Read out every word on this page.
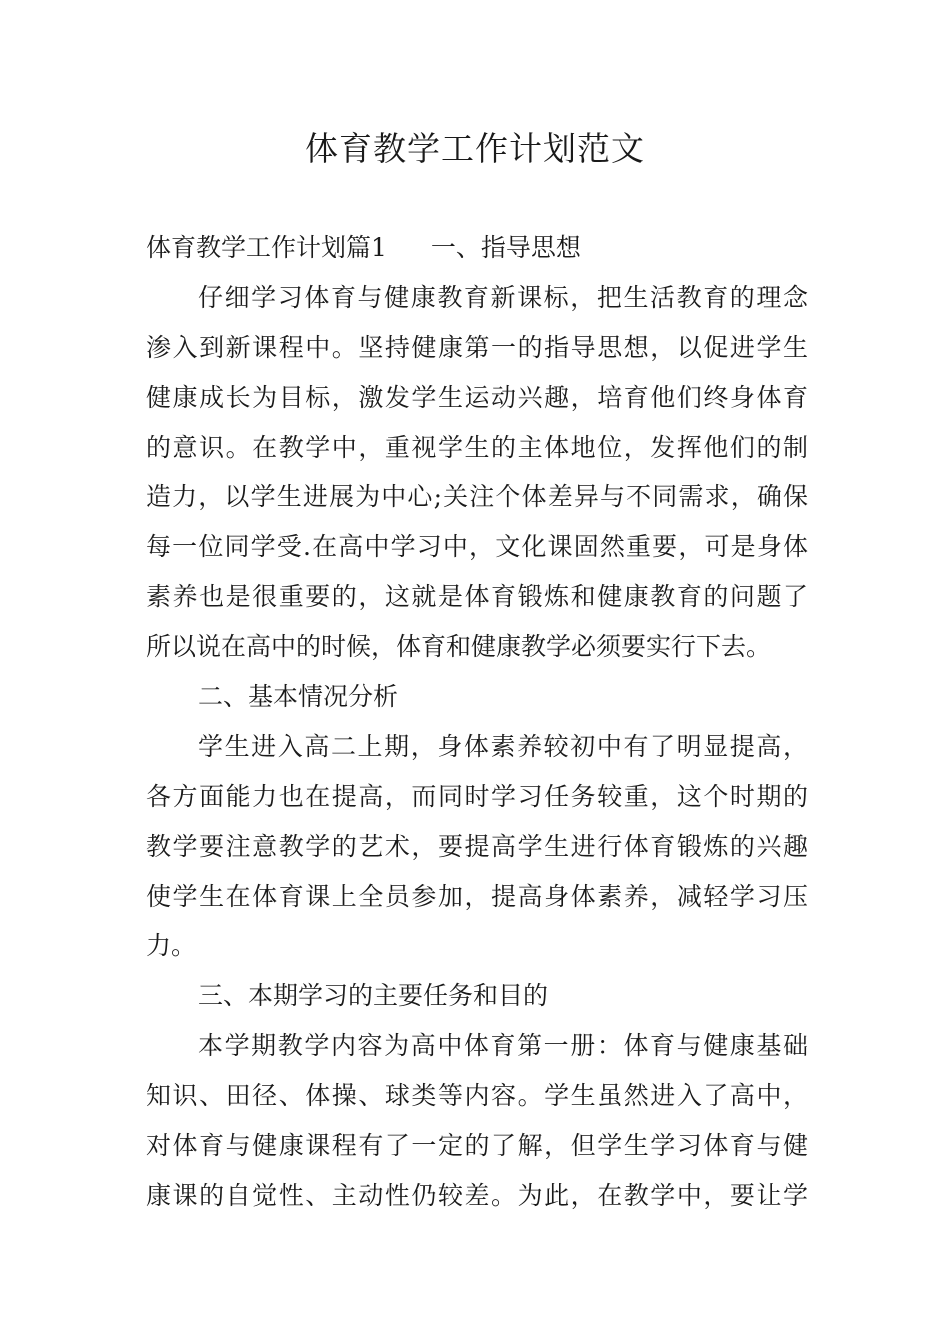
体育教学工作计划范文
体育教学工作计划篇1 一、指导思想
仔细学习体育与健康教育新课标，把生活教育的理念
渗入到新课程中。坚持健康第一的指导思想，以促进学生
健康成长为目标，激发学生运动兴趣，培育他们终身体育
的意识。在教学中，重视学生的主体地位，发挥他们的制
造力，以学生进展为中心;关注个体差异与不同需求，确保
每一位同学受.在高中学习中，文化课固然重要，可是身体
素养也是很重要的，这就是体育锻炼和健康教育的问题了
所以说在高中的时候，体育和健康教学必须要实行下去。
二、基本情况分析
学生进入高二上期，身体素养较初中有了明显提高，
各方面能力也在提高，而同时学习任务较重，这个时期的
教学要注意教学的艺术，要提高学生进行体育锻炼的兴趣
使学生在体育课上全员参加，提高身体素养，减轻学习压
力。
三、本期学习的主要任务和目的
本学期教学内容为高中体育第一册：体育与健康基础
知识、田径、体操、球类等内容。学生虽然进入了高中，
对体育与健康课程有了一定的了解，但学生学习体育与健
康课的自觉性、主动性仍较差。为此，在教学中，要让学
